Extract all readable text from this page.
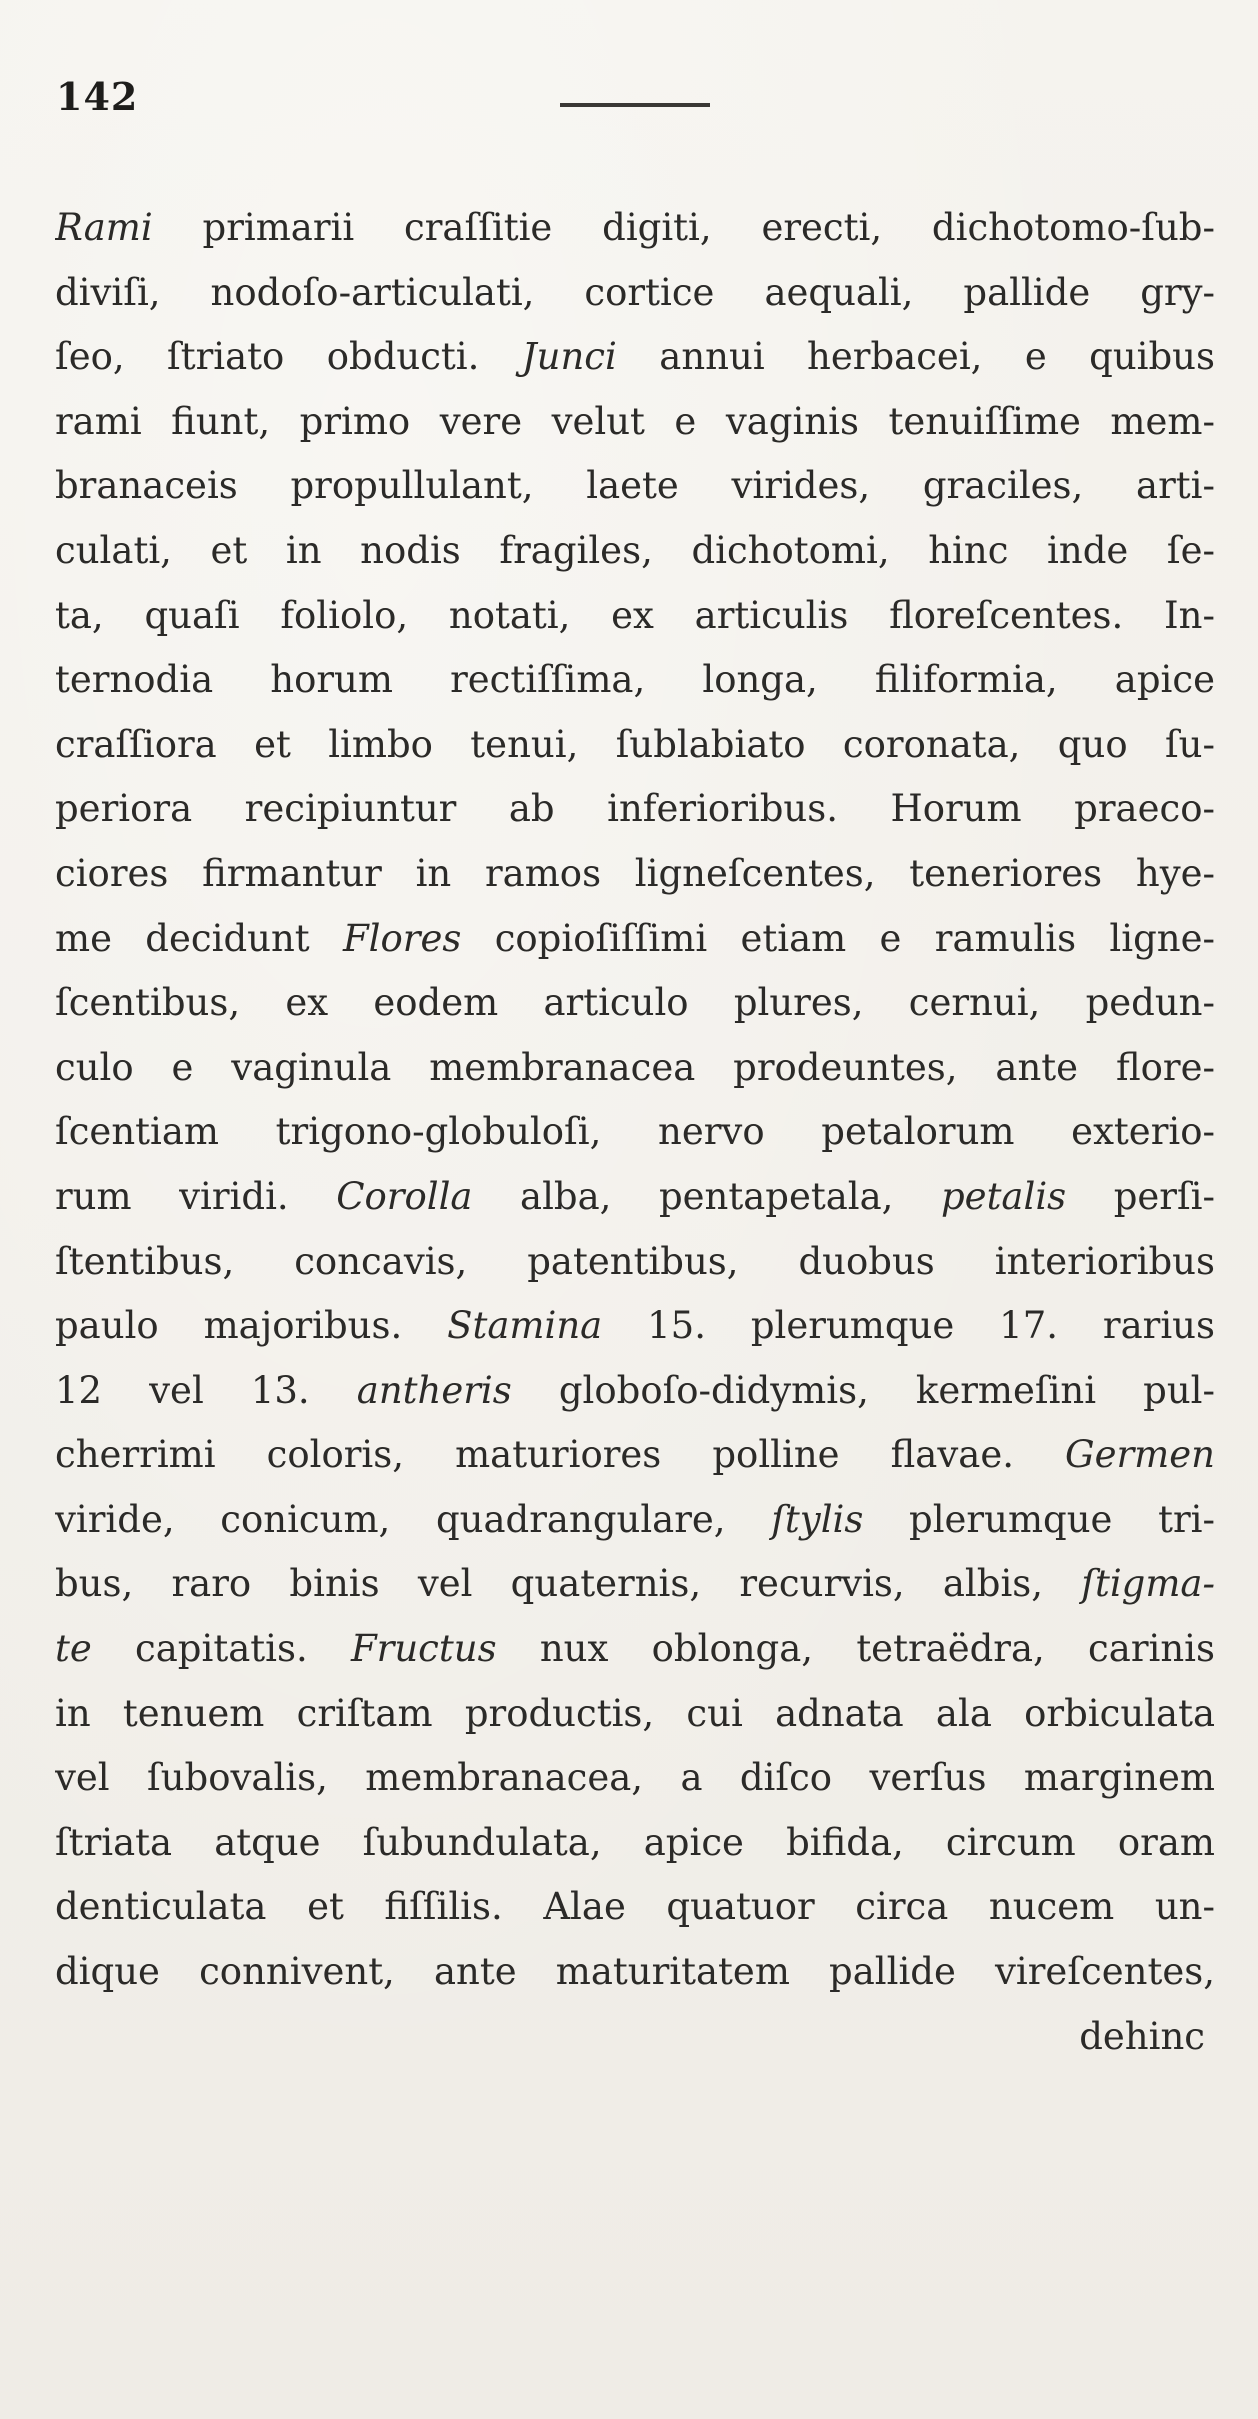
142
Rami primarii craſſitie digiti, erecti, dichotomo-ſub-
diviſi, nodoſo-articulati, cortice aequali, pallide gry-
ſeo, ſtriato obducti. Junci annui herbacei, e quibus
rami fiunt, primo vere velut e vaginis tenuiſſime mem-
branaceis propullulant, laete virides, graciles, arti-
culati, et in nodis fragiles, dichotomi, hinc inde ſe-
ta, quaſi foliolo, notati, ex articulis floreſcentes. In-
ternodia horum rectiſſima, longa, filiformia, apice
craſſiora et limbo tenui, ſublabiato coronata, quo ſu-
periora recipiuntur ab inferioribus. Horum praeco-
ciores firmantur in ramos ligneſcentes, teneriores hye-
me decidunt Flores copioſiſſimi etiam e ramulis ligne-
ſcentibus, ex eodem articulo plures, cernui, pedun-
culo e vaginula membranacea prodeuntes, ante flore-
ſcentiam trigono-globuloſi, nervo petalorum exterio-
rum viridi. Corolla alba, pentapetala, petalis perſi-
ſtentibus, concavis, patentibus, duobus interioribus
paulo majoribus. Stamina 15. plerumque 17. rarius
12 vel 13. antheris globoſo-didymis, kermeſini pul-
cherrimi coloris, maturiores polline flavae. Germen
viride, conicum, quadrangulare, ſtylis plerumque tri-
bus, raro binis vel quaternis, recurvis, albis, ſtigma-
te capitatis. Fructus nux oblonga, tetraëdra, carinis
in tenuem criſtam productis, cui adnata ala orbiculata
vel ſubovalis, membranacea, a diſco verſus marginem
ſtriata atque ſubundulata, apice bifida, circum oram
denticulata et fiſſilis. Alae quatuor circa nucem un-
dique connivent, ante maturitatem pallide vireſcentes,
dehinc
